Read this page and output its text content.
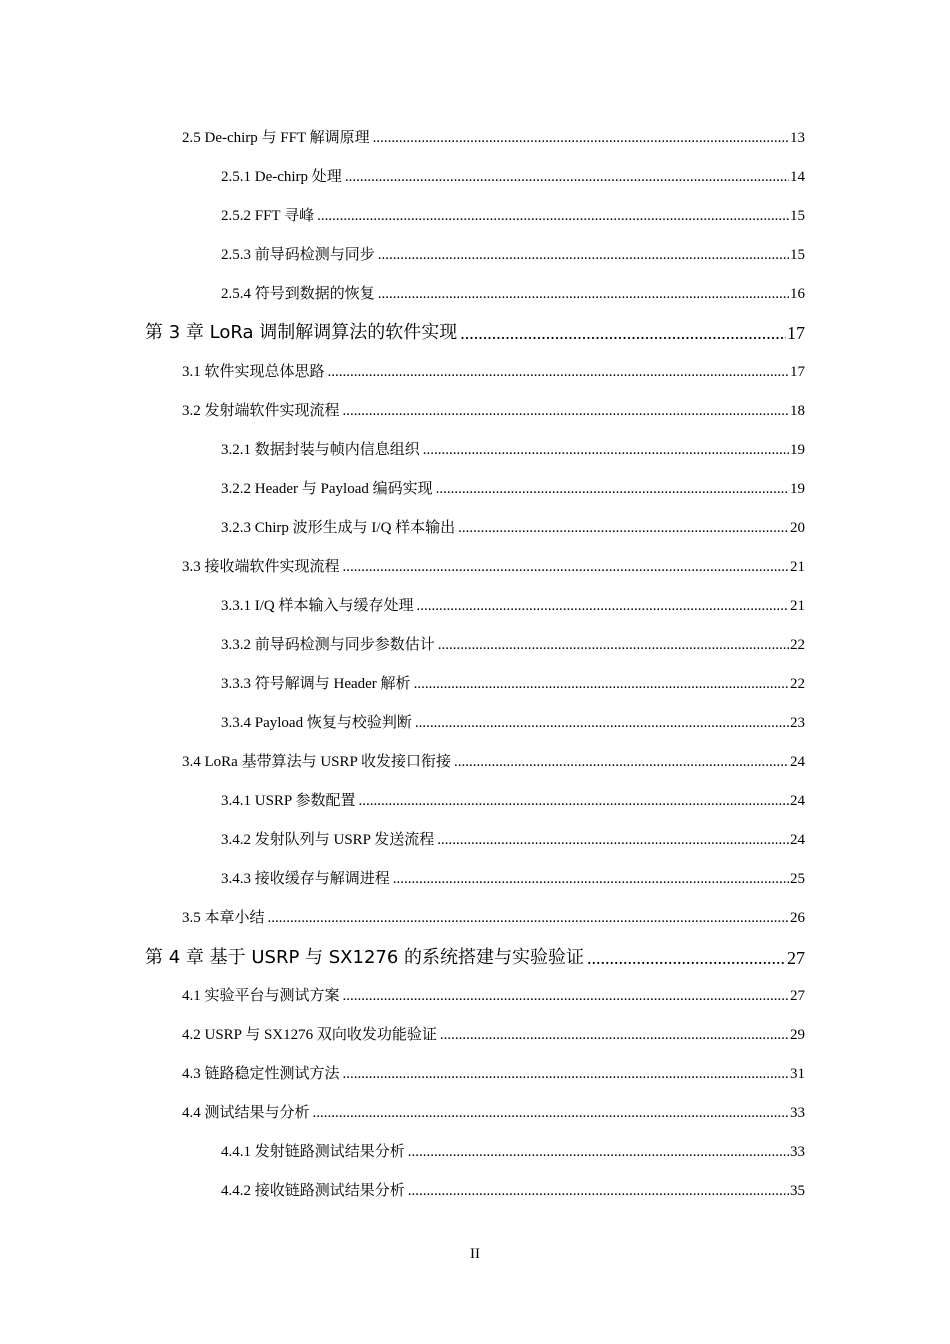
2.5 De-chirp 与 FFT 解调原理 .....	13
2.5.1 De-chirp 处理 .....	14
2.5.2 FFT 寻峰 .....	15
2.5.3 前导码检测与同步 .....	15
2.5.4 符号到数据的恢复 .....	16
第 3 章 LoRa 调制解调算法的软件实现 .....	17
3.1 软件实现总体思路 .....	17
3.2 发射端软件实现流程 .....	18
3.2.1 数据封装与帧内信息组织 .....	19
3.2.2 Header 与 Payload 编码实现 .....	19
3.2.3 Chirp 波形生成与 I/Q 样本输出 .....	20
3.3 接收端软件实现流程 .....	21
3.3.1 I/Q 样本输入与缓存处理 .....	21
3.3.2 前导码检测与同步参数估计 .....	22
3.3.3 符号解调与 Header 解析 .....	22
3.3.4 Payload 恢复与校验判断 .....	23
3.4 LoRa 基带算法与 USRP 收发接口衔接 .....	24
3.4.1 USRP 参数配置 .....	24
3.4.2 发射队列与 USRP 发送流程 .....	24
3.4.3 接收缓存与解调进程 .....	25
3.5 本章小结 .....	26
第 4 章 基于 USRP 与 SX1276 的系统搭建与实验验证 .....	27
4.1 实验平台与测试方案 .....	27
4.2 USRP 与 SX1276 双向收发功能验证 .....	29
4.3 链路稳定性测试方法 .....	31
4.4 测试结果与分析 .....	33
4.4.1 发射链路测试结果分析 .....	33
4.4.2 接收链路测试结果分析 .....	35
II
